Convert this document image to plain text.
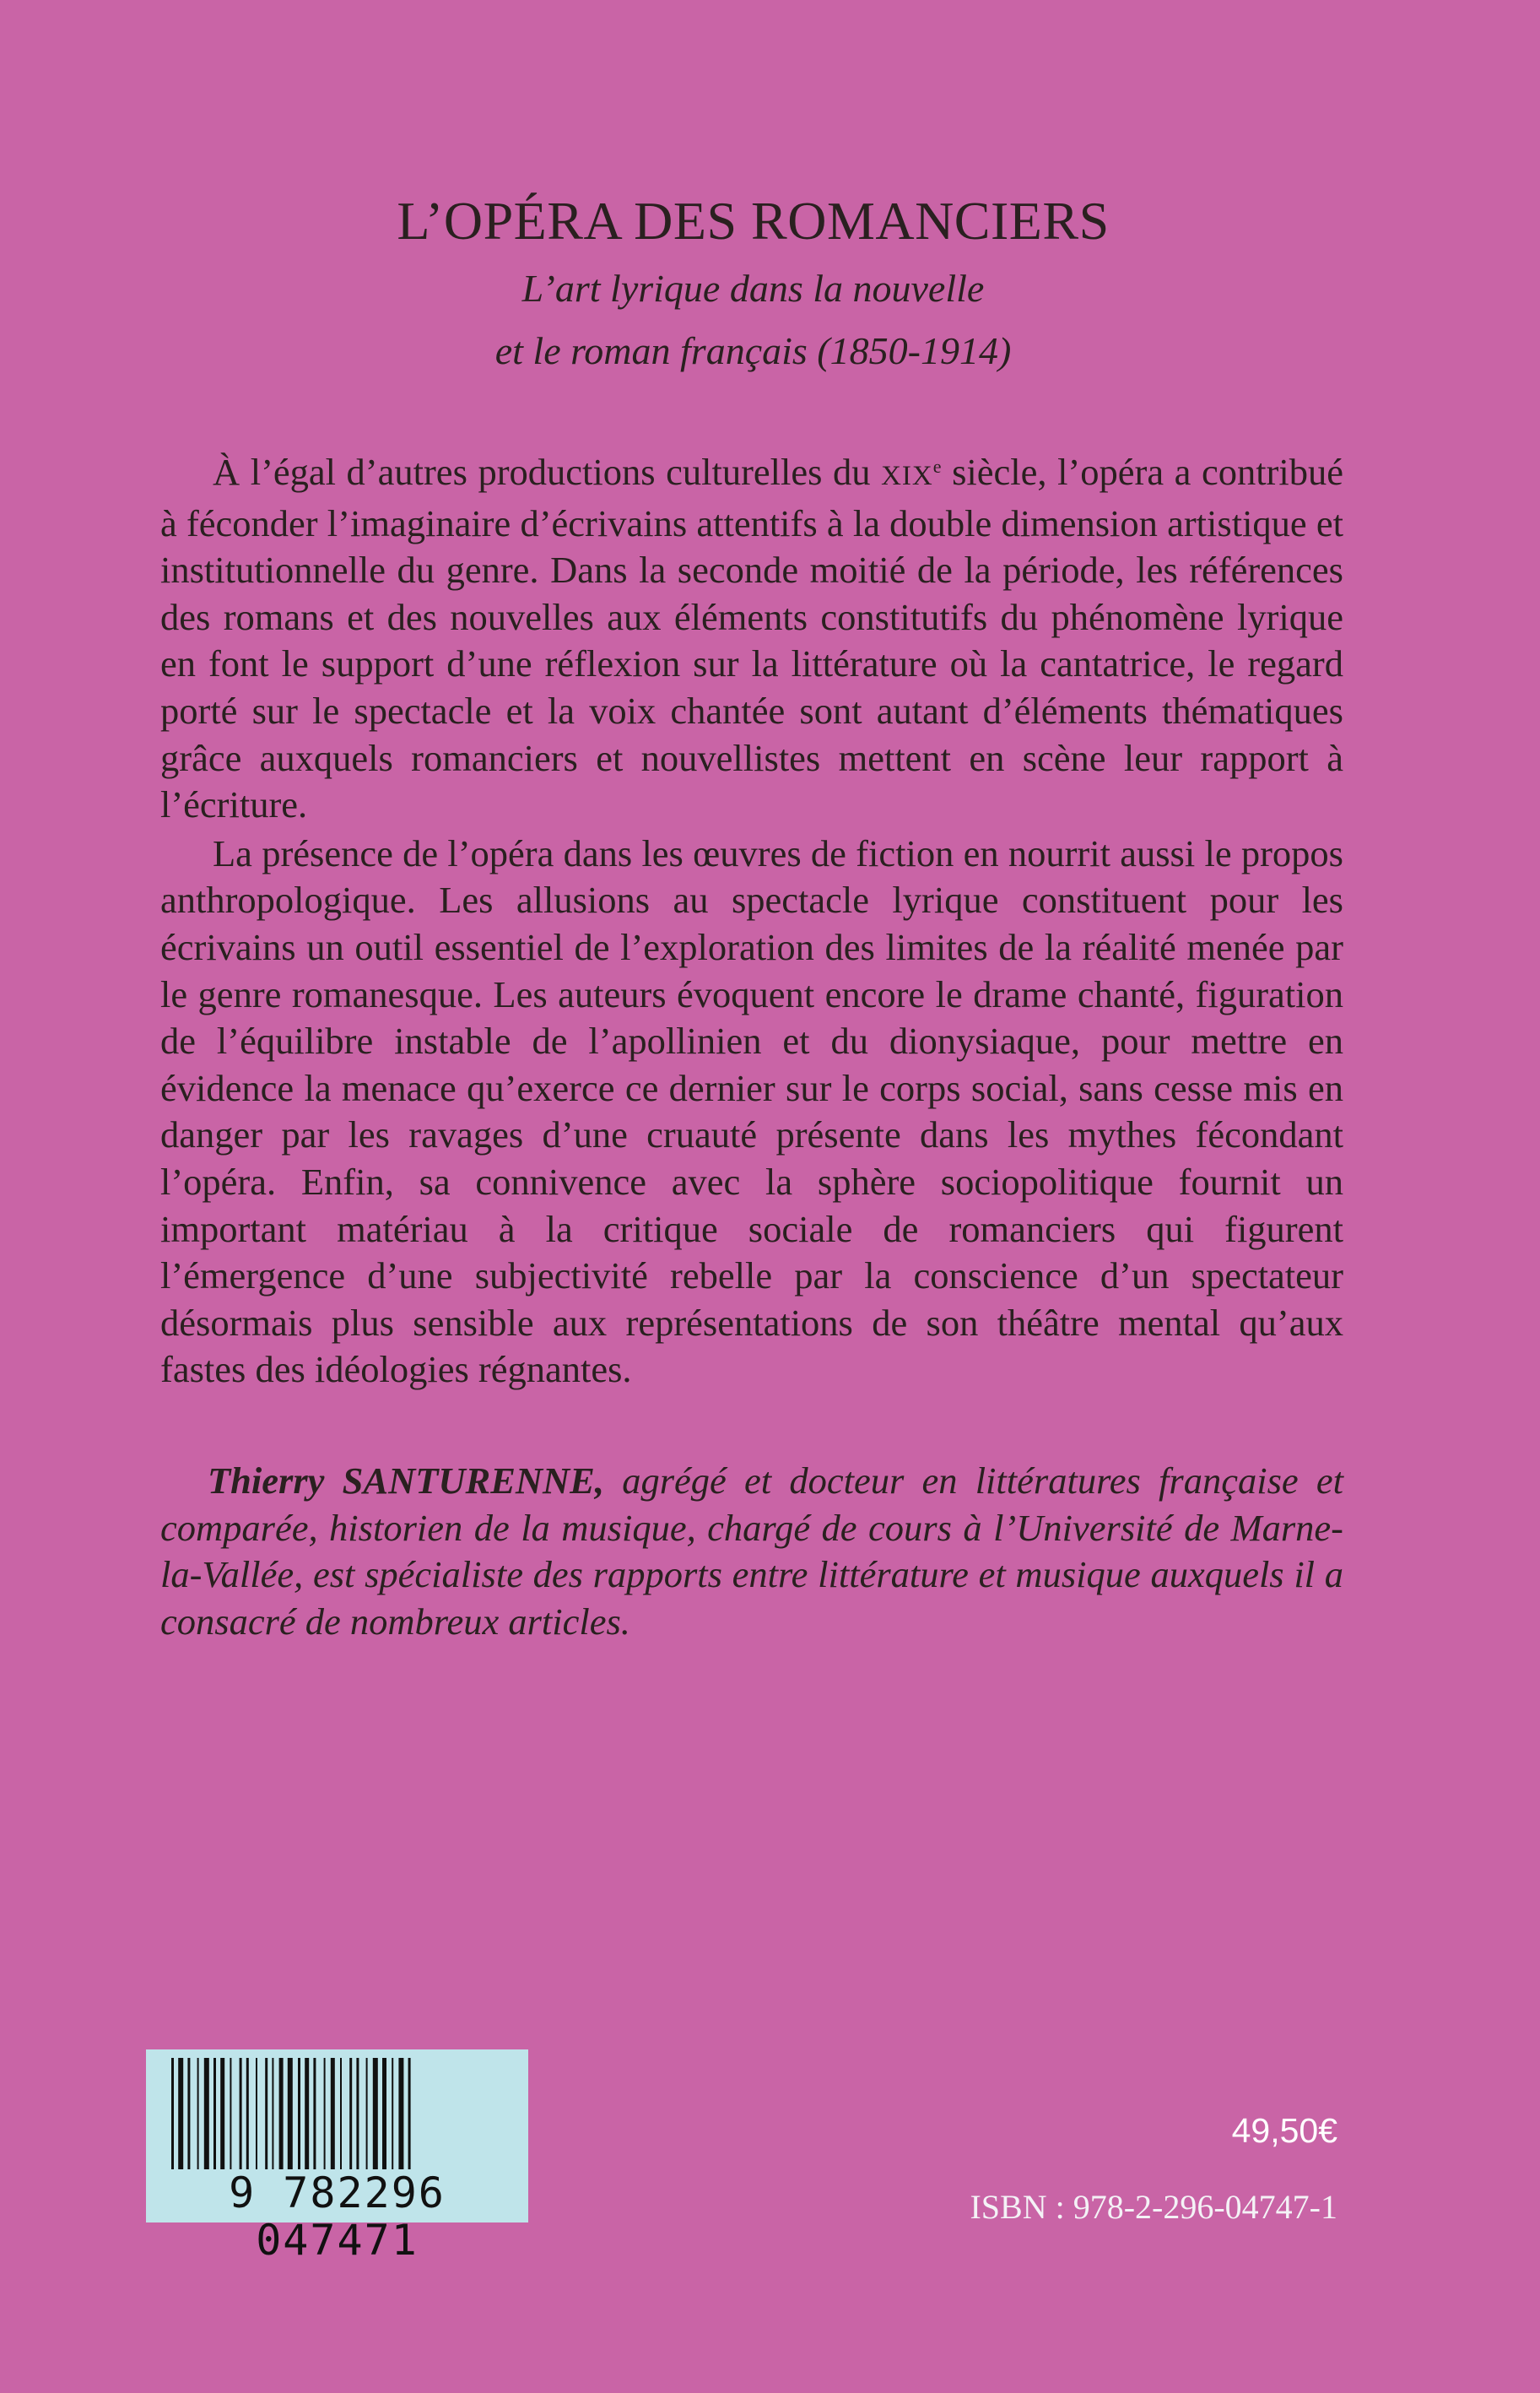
L’OPÉRA DES ROMANCIERS
L’art lyrique dans la nouvelle
et le roman français (1850-1914)

À l’égal d’autres productions culturelles du XIXe siècle, l’opéra a contribué à féconder l’imaginaire d’écrivains attentifs à la double dimension artistique et institutionnelle du genre. Dans la seconde moitié de la période, les références des romans et des nouvelles aux éléments constitutifs du phénomène lyrique en font le support d’une réflexion sur la littérature où la cantatrice, le regard porté sur le spectacle et la voix chantée sont autant d’éléments thématiques grâce auxquels romanciers et nouvellistes mettent en scène leur rapport à l’écriture.

La présence de l’opéra dans les œuvres de fiction en nourrit aussi le propos anthropologique. Les allusions au spectacle lyrique constituent pour les écrivains un outil essentiel de l’exploration des limites de la réalité menée par le genre romanesque. Les auteurs évoquent encore le drame chanté, figuration de l’équilibre instable de l’apollinien et du dionysiaque, pour mettre en évidence la menace qu’exerce ce dernier sur le corps social, sans cesse mis en danger par les ravages d’une cruauté présente dans les mythes fécondant l’opéra. Enfin, sa connivence avec la sphère sociopolitique fournit un important matériau à la critique sociale de romanciers qui figurent l’émergence d’une subjectivité rebelle par la conscience d’un spectateur désormais plus sensible aux représentations de son théâtre mental qu’aux fastes des idéologies régnantes.

Thierry SANTURENNE, agrégé et docteur en littératures française et comparée, historien de la musique, chargé de cours à l’Université de Marne-la-Vallée, est spécialiste des rapports entre littérature et musique auxquels il a consacré de nombreux articles.

9 782296 047471
49,50€
ISBN : 978-2-296-04747-1
